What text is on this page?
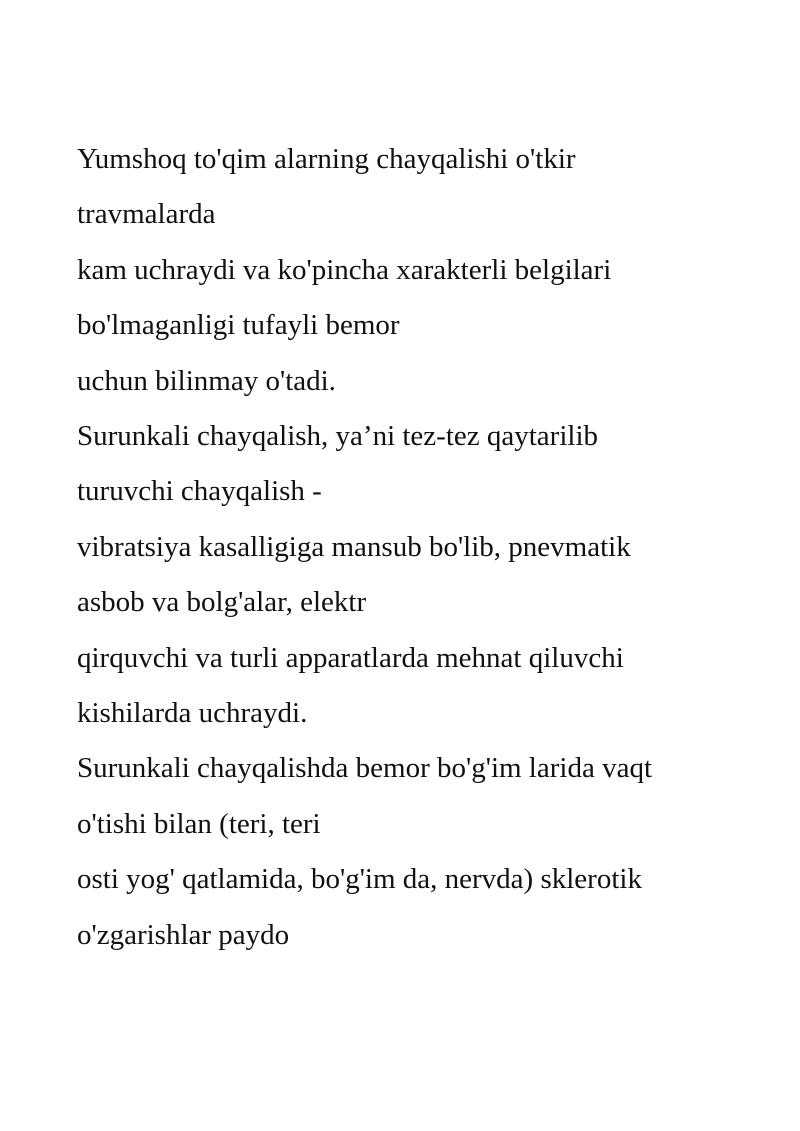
Yumshoq to'qim alarning chayqalishi o'tkir
travmalarda
kam uchraydi va ko'pincha xarakterli belgilari
bo'lmaganligi tufayli bemor
uchun bilinmay o'tadi.
Surunkali chayqalish, ya’ni tez-tez qaytarilib
turuvchi chayqalish -
vibratsiya kasalligiga mansub bo'lib, pnevmatik
asbob va bolg'alar, elektr
qirquvchi va turli apparatlarda mehnat qiluvchi
kishilarda uchraydi.
Surunkali chayqalishda bemor bo'g'im larida vaqt
o'tishi bilan (teri, teri
osti yog' qatlamida, bo'g'im da, nervda) sklerotik
o'zgarishlar paydo
